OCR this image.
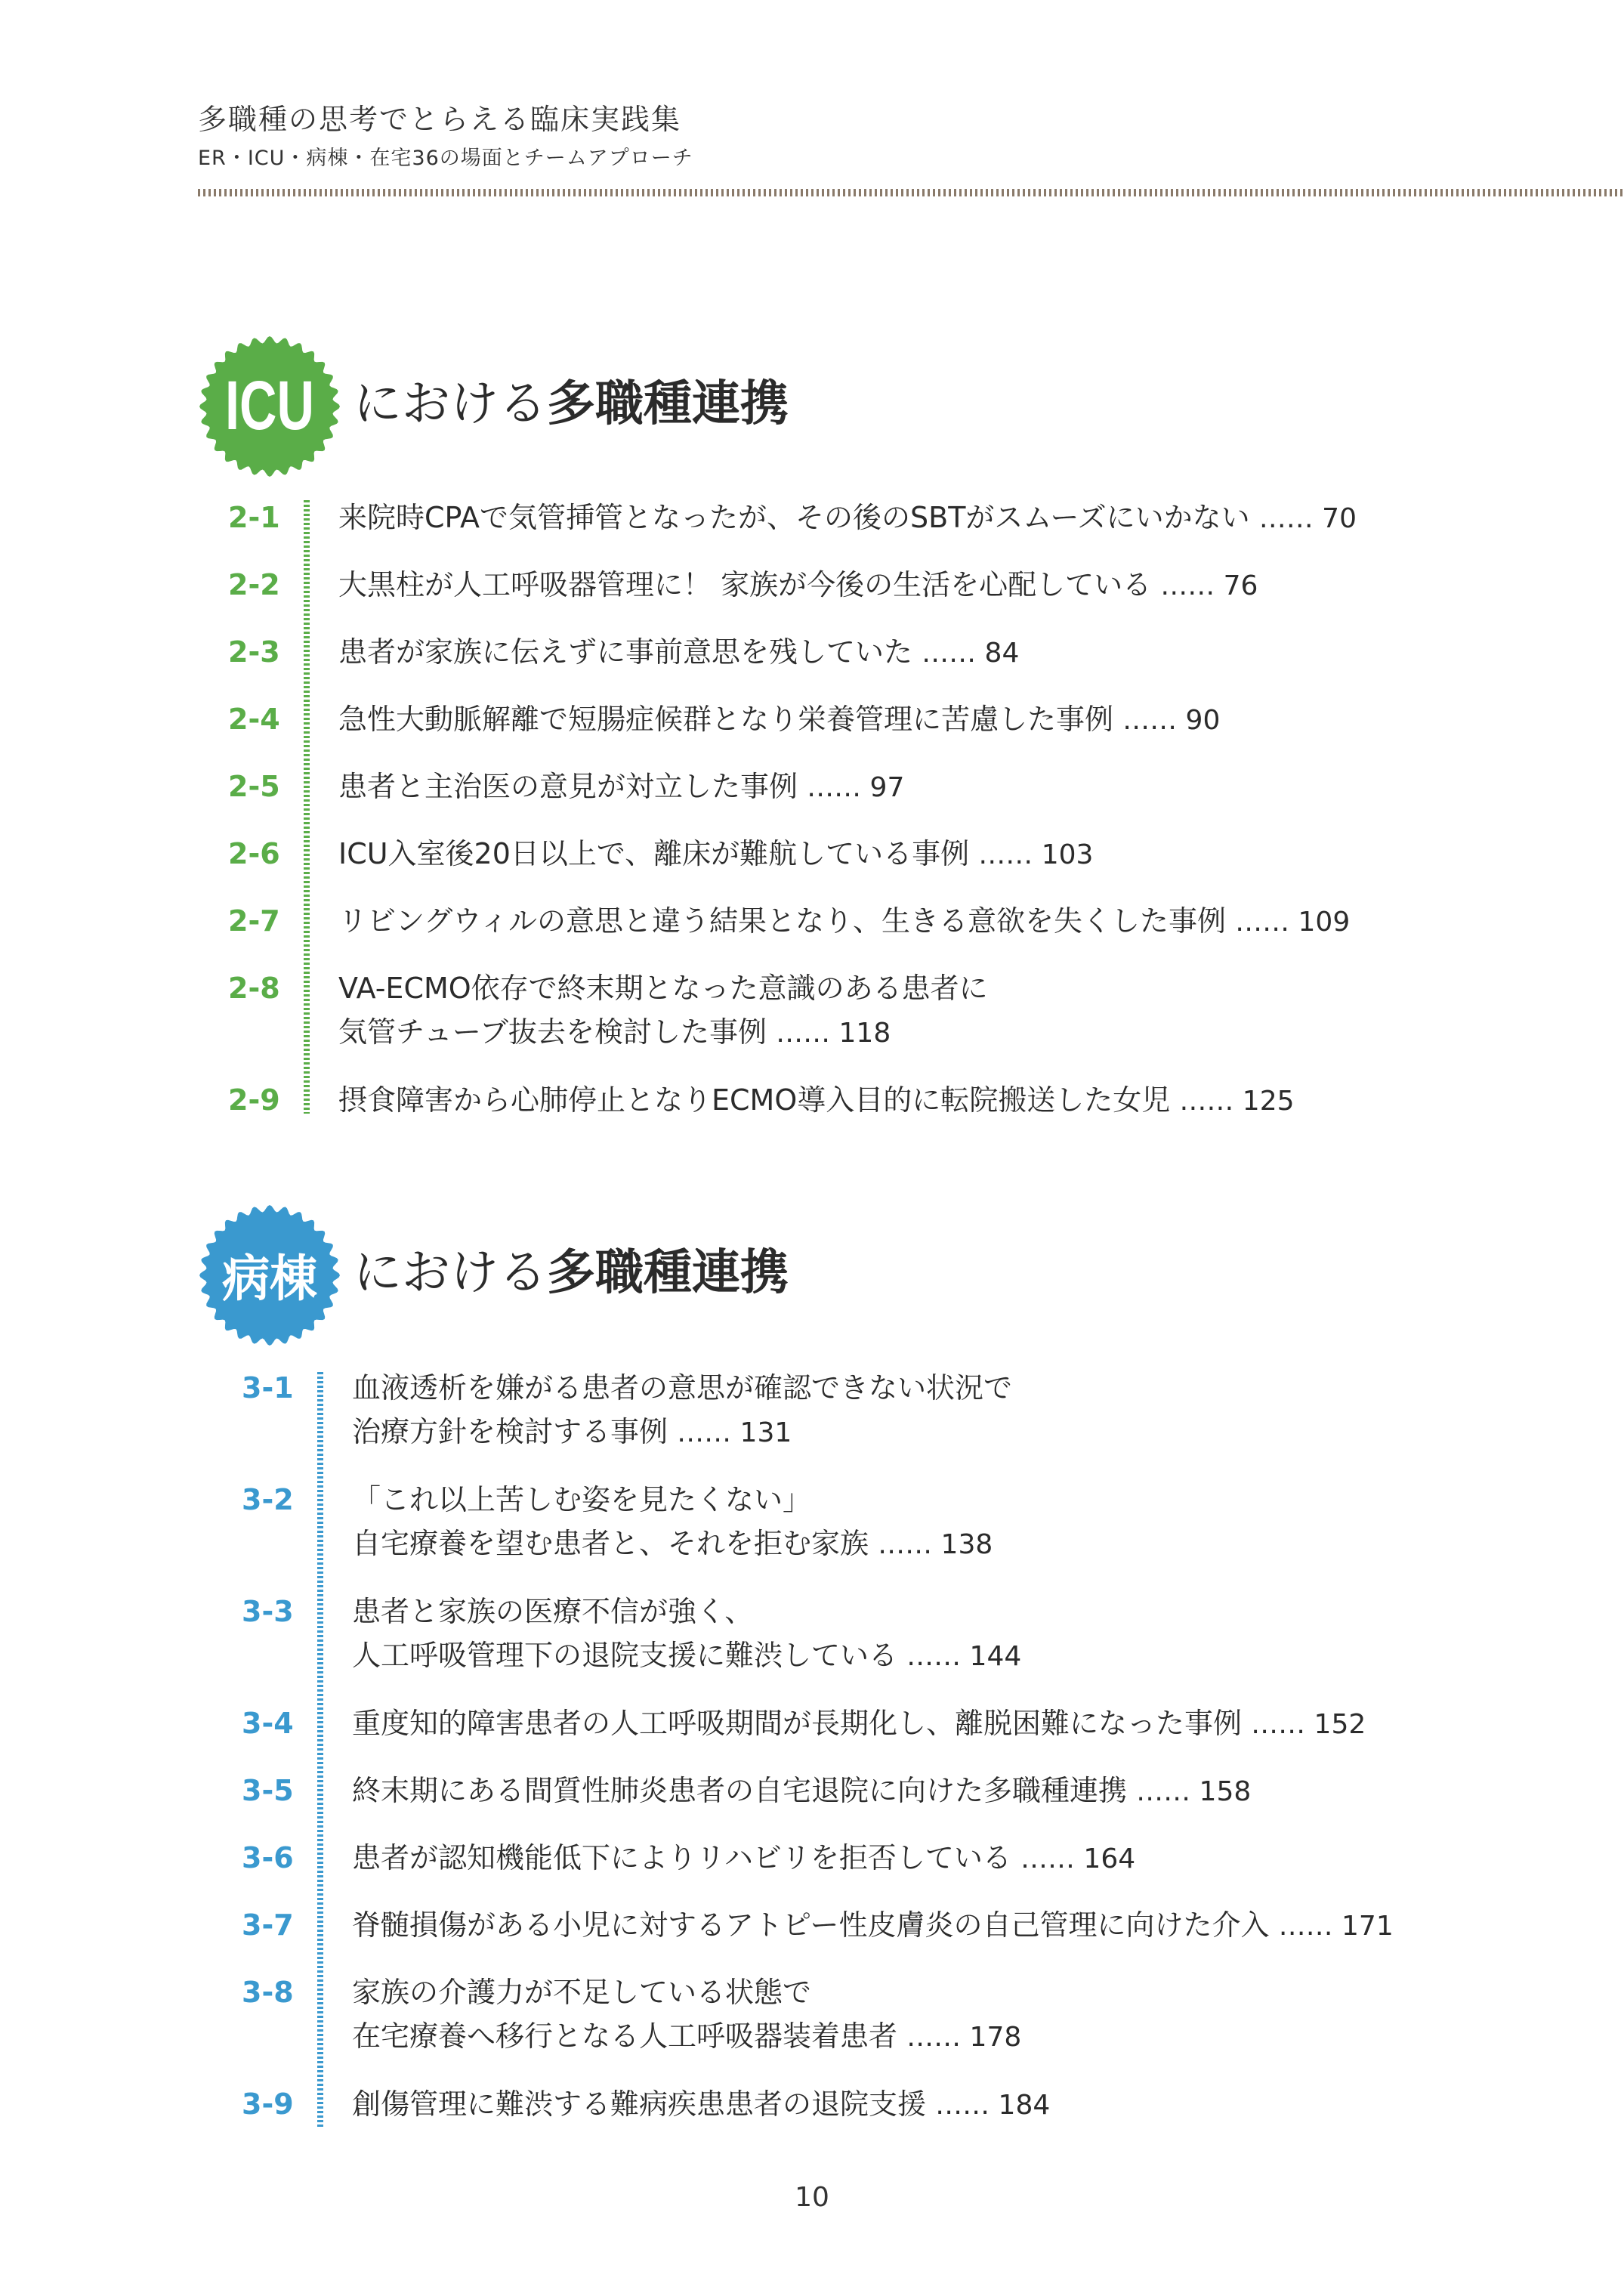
多職種の思考でとらえる臨床実践集

ER・ICU・病棟・在宅36の場面とチームアプローチ
ICU における多職種連携
2-1	来院時CPAで気管挿管となったが、その後のSBTがスムーズにいかない …… 70
2-2	大黒柱が人工呼吸器管理に！ 家族が今後の生活を心配している …… 76
2-3	患者が家族に伝えずに事前意思を残していた …… 84
2-4	急性大動脈解離で短腸症候群となり栄養管理に苦慮した事例 …… 90
2-5	患者と主治医の意見が対立した事例 …… 97
2-6	ICU入室後20日以上で、離床が難航している事例 …… 103
2-7	リビングウィルの意思と違う結果となり、生きる意欲を失くした事例 …… 109
2-8	VA-ECMO依存で終末期となった意識のある患者に
気管チューブ抜去を検討した事例 …… 118
2-9	摂食障害から心肺停止となりECMO導入目的に転院搬送した女児 …… 125
病棟 における多職種連携
3-1	血液透析を嫌がる患者の意思が確認できない状況で
治療方針を検討する事例 …… 131
3-2	「これ以上苦しむ姿を見たくない」
自宅療養を望む患者と、それを拒む家族 …… 138
3-3	患者と家族の医療不信が強く、
人工呼吸管理下の退院支援に難渋している …… 144
3-4	重度知的障害患者の人工呼吸期間が長期化し、離脱困難になった事例 …… 152
3-5	終末期にある間質性肺炎患者の自宅退院に向けた多職種連携 …… 158
3-6	患者が認知機能低下によりリハビリを拒否している …… 164
3-7	脊髄損傷がある小児に対するアトピー性皮膚炎の自己管理に向けた介入 …… 171
3-8	家族の介護力が不足している状態で
在宅療養へ移行となる人工呼吸器装着患者 …… 178
3-9	創傷管理に難渋する難病疾患患者の退院支援 …… 184
10
